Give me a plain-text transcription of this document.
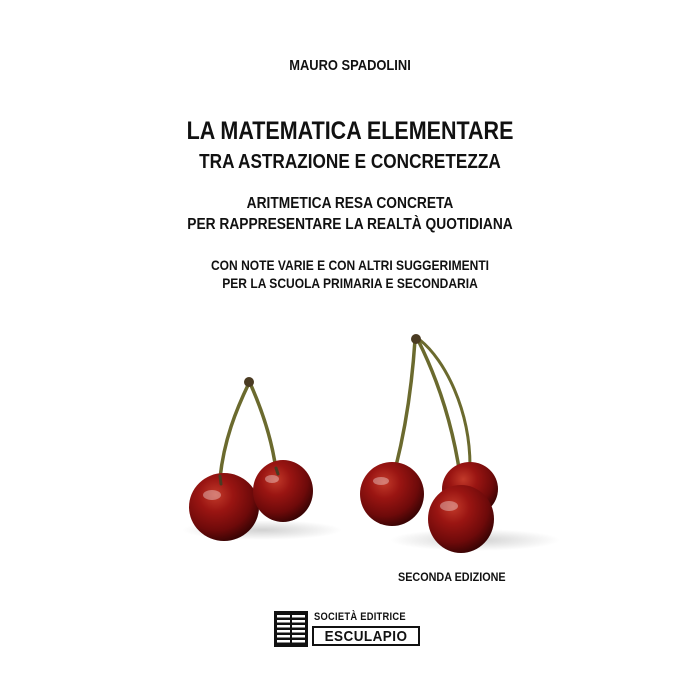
MAURO SPADOLINI

LA MATEMATICA ELEMENTARE

TRA ASTRAZIONE E CONCRETEZZA

ARITMETICA RESA CONCRETA

PER RAPPRESENTARE LA REALTÀ QUOTIDIANA

CON NOTE VARIE E CON ALTRI SUGGERIMENTI

PER LA SCUOLA PRIMARIA E SECONDARIA

SECONDA EDIZIONE
SOCIETÀ EDITRICE
ESCULAPIO
